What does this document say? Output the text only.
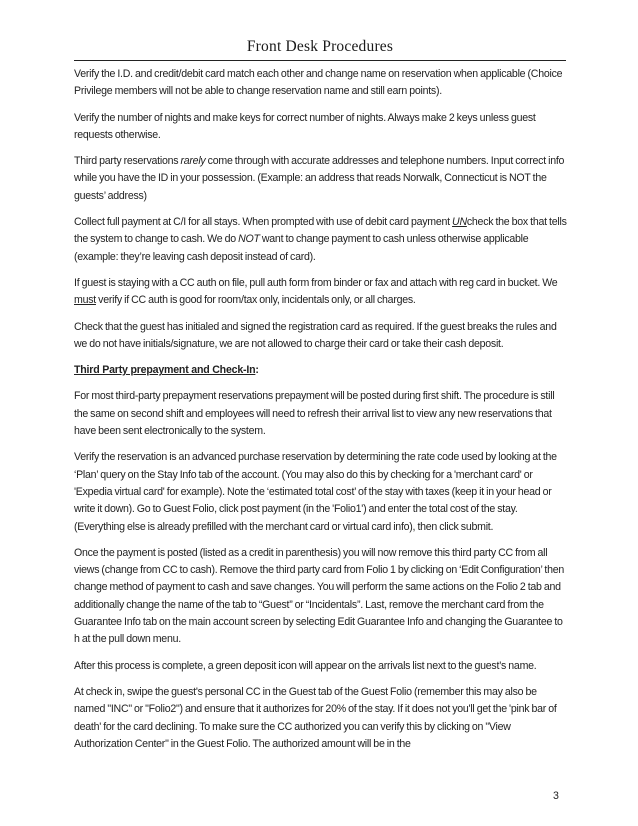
Front Desk Procedures

Verify the I.D. and credit/debit card match each other and change name on reservation when applicable (Choice Privilege members will not be able to change reservation name and still earn points).

Verify the number of nights and make keys for correct number of nights. Always make 2 keys unless guest requests otherwise.

Third party reservations rarely come through with accurate addresses and telephone numbers. Input correct info while you have the ID in your possession. (Example: an address that reads Norwalk, Connecticut is NOT the guests’ address)

Collect full payment at C/I for all stays. When prompted with use of debit card payment UNcheck the box that tells the system to change to cash. We do NOT want to change payment to cash unless otherwise applicable (example: they’re leaving cash deposit instead of card).

If guest is staying with a CC auth on file, pull auth form from binder or fax and attach with reg card in bucket. We must verify if CC auth is good for room/tax only, incidentals only, or all charges.

Check that the guest has initialed and signed the registration card as required. If the guest breaks the rules and we do not have initials/signature, we are not allowed to charge their card or take their cash deposit.

Third Party prepayment and Check-In:

For most third-party prepayment reservations prepayment will be posted during first shift. The procedure is still the same on second shift and employees will need to refresh their arrival list to view any new reservations that have been sent electronically to the system.

Verify the reservation is an advanced purchase reservation by determining the rate code used by looking at the ‘Plan’ query on the Stay Info tab of the account. (You may also do this by checking for a 'merchant card' or 'Expedia virtual card' for example). Note the ‘estimated total cost’ of the stay with taxes (keep it in your head or write it down). Go to Guest Folio, click post payment (in the 'Folio1') and enter the total cost of the stay. (Everything else is already prefilled with the merchant card or virtual card info), then click submit.

Once the payment is posted (listed as a credit in parenthesis) you will now remove this third party CC from all views (change from CC to cash). Remove the third party card from Folio 1 by clicking on ‘Edit Configuration’ then change method of payment to cash and save changes. You will perform the same actions on the Folio 2 tab and additionally change the name of the tab to “Guest” or “Incidentals”. Last, remove the merchant card from the Guarantee Info tab on the main account screen by selecting Edit Guarantee Info and changing the Guarantee to h at the pull down menu.

After this process is complete, a green deposit icon will appear on the arrivals list next to the guest’s name.

At check in, swipe the guest's personal CC in the Guest tab of the Guest Folio (remember this may also be named "INC" or "Folio2") and ensure that it authorizes for 20% of the stay. If it does not you'll get the 'pink bar of death' for the card declining. To make sure the CC authorized you can verify this by clicking on "View Authorization Center" in the Guest Folio. The authorized amount will be in the

3
